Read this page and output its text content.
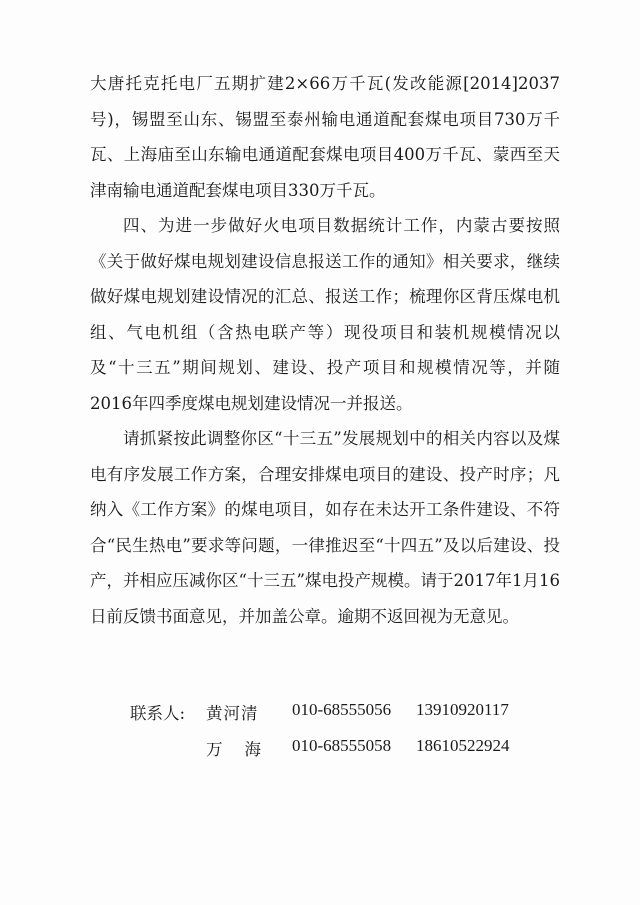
大唐托克托电厂五期扩建2×66万千瓦(发改能源[2014]2037号)，锡盟至山东、锡盟至泰州输电通道配套煤电项目730万千瓦、上海庙至山东输电通道配套煤电项目400万千瓦、蒙西至天津南输电通道配套煤电项目330万千瓦。

四、为进一步做好火电项目数据统计工作，内蒙古要按照《关于做好煤电规划建设信息报送工作的通知》相关要求，继续做好煤电规划建设情况的汇总、报送工作；梳理你区背压煤电机组、气电机组（含热电联产等）现役项目和装机规模情况以及“十三五”期间规划、建设、投产项目和规模情况等，并随2016年四季度煤电规划建设情况一并报送。

请抓紧按此调整你区“十三五”发展规划中的相关内容以及煤电有序发展工作方案，合理安排煤电项目的建设、投产时序；凡纳入《工作方案》的煤电项目，如存在未达开工条件建设、不符合“民生热电”要求等问题，一律推迟至“十四五”及以后建设、投产，并相应压减你区“十三五”煤电投产规模。请于2017年1月16日前反馈书面意见，并加盖公章。逾期不返回视为无意见。

联系人: 黄河清 010-68555056 13910920117
万海 010-68555058 18610522924
